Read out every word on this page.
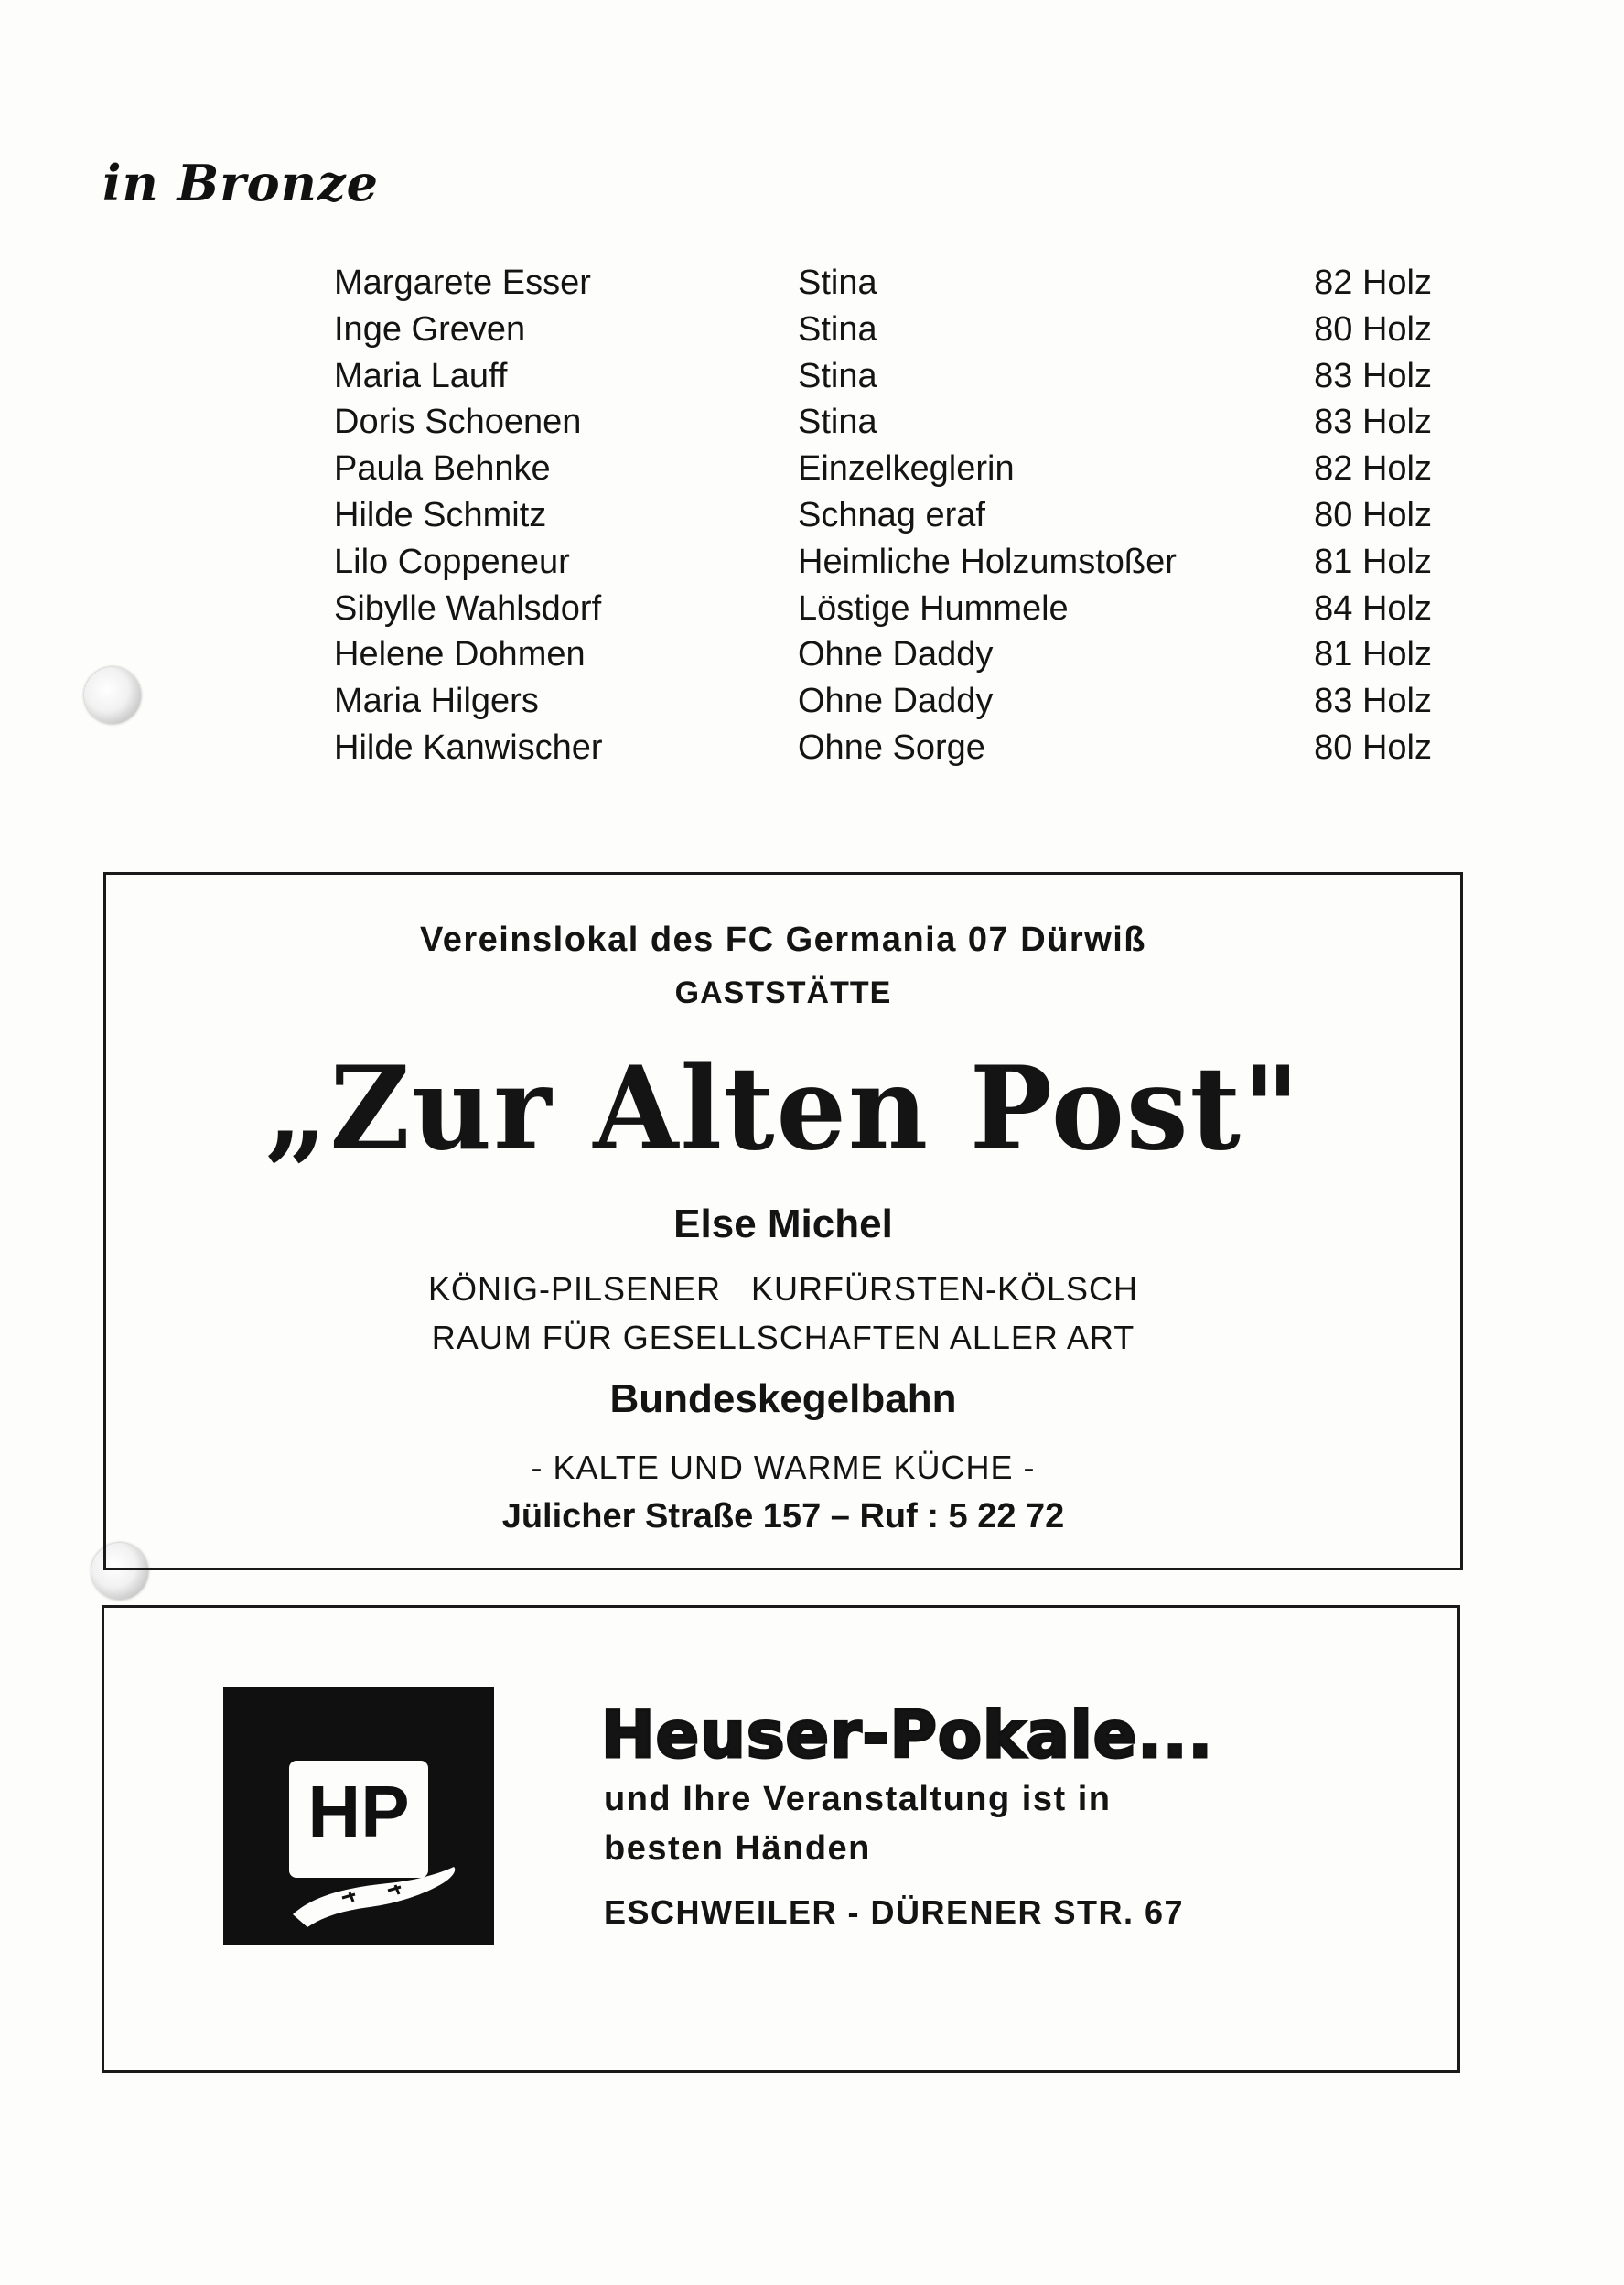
in Bronze
Margarete Esser	Stina	82 Holz
Inge Greven	Stina	80 Holz
Maria Lauff	Stina	83 Holz
Doris Schoenen	Stina	83 Holz
Paula Behnke	Einzelkeglerin	82 Holz
Hilde Schmitz	Schnag eraf	80 Holz
Lilo Coppeneur	Heimliche Holzumstoßer	81 Holz
Sibylle Wahlsdorf	Löstige Hummele	84 Holz
Helene Dohmen	Ohne Daddy	81 Holz
Maria Hilgers	Ohne Daddy	83 Holz
Hilde Kanwischer	Ohne Sorge	80 Holz
Vereinslokal des FC Germania 07 Dürwiß
GASTSTÄTTE
„Zur Alten Post"
Else Michel
KÖNIG-PILSENER   KURFÜRSTEN-KÖLSCH
RAUM FÜR GESELLSCHAFTEN ALLER ART
Bundeskegelbahn
- KALTE UND WARME KÜCHE -
Jülicher Straße 157 – Ruf : 5 22 72
HP
Heuser-Pokale...
und Ihre Veranstaltung ist in
besten Händen
ESCHWEILER - DÜRENER STR. 67
